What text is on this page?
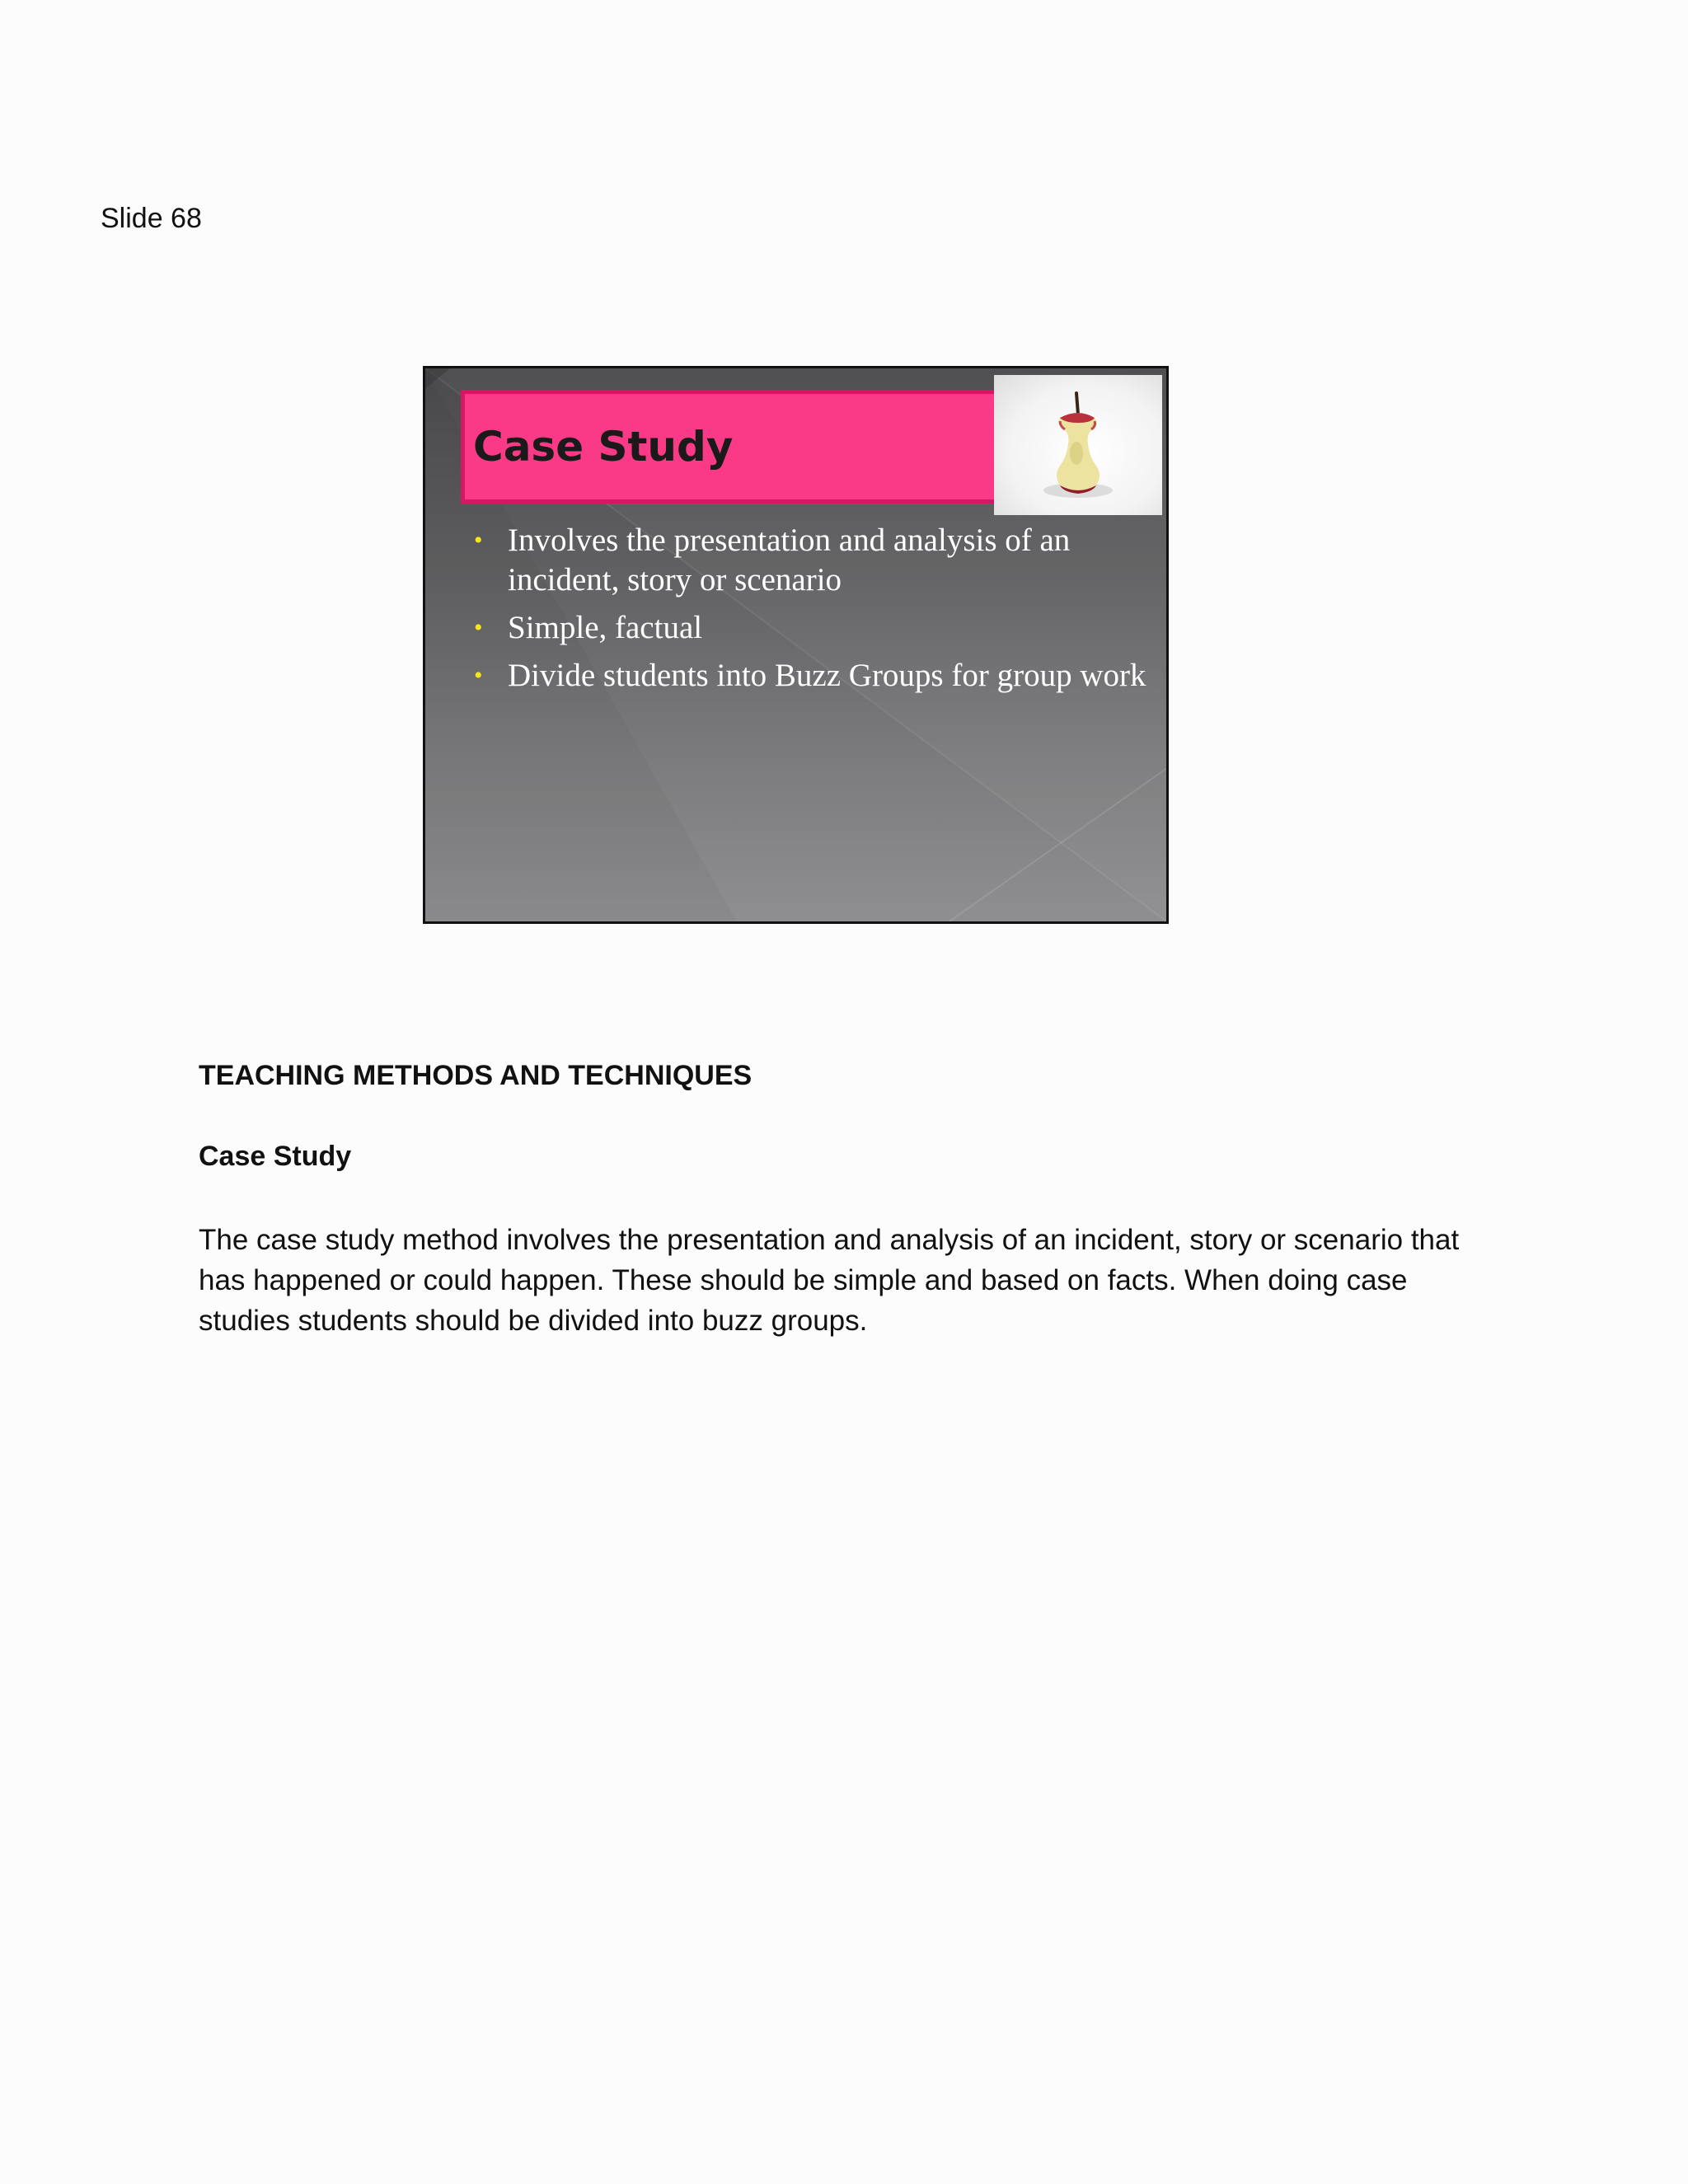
Slide 68
Case Study
• Involves the presentation and analysis of an incident, story or scenario
• Simple, factual
• Divide students into Buzz Groups for group work
TEACHING METHODS AND TECHNIQUES
Case Study

The case study method involves the presentation and analysis of an incident, story or scenario that has happened or could happen. These should be simple and based on facts. When doing case studies students should be divided into buzz groups.
